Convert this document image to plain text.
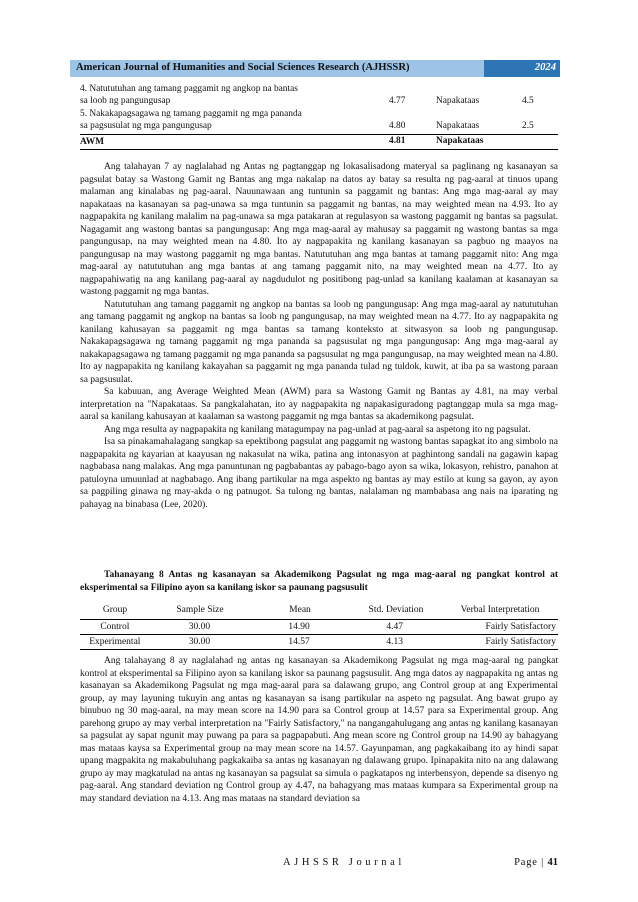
American Journal of Humanities and Social Sciences Research (AJHSSR)	2024
4. Natututuhan ang tamang paggamit ng angkop na bantas
sa loob ng pangungusap	4.77	Napakataas	4.5
5. Nakakapagsagawa ng tamang paggamit ng mga pananda
sa pagsusulat ng mga pangungusap	4.80	Napakataas	2.5
AWM	4.81	Napakataas

Ang talahayan 7 ay naglalahad ng Antas ng pagtanggap ng lokasalisadong materyal sa paglinang ng kasanayan sa pagsulat batay sa Wastong Gamit ng Bantas ang mga nakalap na datos ay batay sa resulta ng pag-aaral at tinuos upang malaman ang kinalabas ng pag-aaral. Nauunawaan ang tuntunin sa paggamit ng bantas: Ang mga mag-aaral ay may napakataas na kasanayan sa pag-unawa sa mga tuntunin sa paggamit ng bantas, na may weighted mean na 4.93. Ito ay nagpapakita ng kanilang malalim na pag-unawa sa mga patakaran at regulasyon sa wastong paggamit ng bantas sa pagsulat. Nagagamit ang wastong bantas sa pangungusap: Ang mga mag-aaral ay mahusay sa paggamit ng wastong bantas sa mga pangungusap, na may weighted mean na 4.80. Ito ay nagpapakita ng kanilang kasanayan sa pagbuo ng maayos na pangungusap na may wastong paggamit ng mga bantas. Natututuhan ang mga bantas at tamang paggamit nito: Ang mga mag-aaral ay natututuhan ang mga bantas at ang tamang paggamit nito, na may weighted mean na 4.77. Ito ay nagpapahiwatig na ang kanilang pag-aaral ay nagdudulot ng positibong pag-unlad sa kanilang kaalaman at kasanayan sa wastong paggamit ng mga bantas.

Natututuhan ang tamang paggamit ng angkop na bantas sa loob ng pangungusap: Ang mga mag-aaral ay natututuhan ang tamang paggamit ng angkop na bantas sa loob ng pangungusap, na may weighted mean na 4.77. Ito ay nagpapakita ng kanilang kahusayan sa paggamit ng mga bantas sa tamang konteksto at sitwasyon sa loob ng pangungusap. Nakakapagsagawa ng tamang paggamit ng mga pananda sa pagsusulat ng mga pangungusap: Ang mga mag-aaral ay nakakapagsagawa ng tamang paggamit ng mga pananda sa pagsusulat ng mga pangungusap, na may weighted mean na 4.80. Ito ay nagpapakita ng kanilang kakayahan sa paggamit ng mga pananda tulad ng tuldok, kuwit, at iba pa sa wastong paraan sa pagsusulat.

Sa kabuuan, ang Average Weighted Mean (AWM) para sa Wastong Gamit ng Bantas ay 4.81, na may verbal interpretation na "Napakataas. Sa pangkalahatan, ito ay nagpapakita ng napakasiguradong pagtanggap mula sa mga mag-aaral sa kanilang kahusayan at kaalaman sa wastong paggamit ng mga bantas sa akademikong pagsulat.

Ang mga resulta ay nagpapakita ng kanilang matagumpay na pag-unlad at pag-aaral sa aspetong ito ng pagsulat.

Isa sa pinakamahalagang sangkap sa epektibong pagsulat ang paggamit ng wastong bantas sapagkat ito ang simbolo na nagpapakita ng kayarian at kaayusan ng nakasulat na wika, patina ang intonasyon at paghintong sandali na gagawin kapag nagbabasa nang malakas. Ang mga panuntunan ng pagbabantas ay pabago-bago ayon sa wika, lokasyon, rehistro, panahon at patuloyna umuunlad at nagbabago. Ang ibang partikular na mga aspekto ng bantas ay may estilo at kung sa gayon, ay ayon sa pagpiling ginawa ng may-akda o ng patnugot. Sa tulong ng bantas, nalalaman ng mambabasa ang nais na iparating ng pahayag na binabasa (Lee, 2020).

Tahanayang 8 Antas ng kasanayan sa Akademikong Pagsulat ng mga mag-aaral ng pangkat kontrol at eksperimental sa Filipino ayon sa kanilang iskor sa paunang pagsusulit
Group	Sample Size	Mean	Std. Deviation	Verbal Interpretation
Control	30.00	14.90	4.47	Fairly Satisfactory
Experimental	30.00	14.57	4.13	Fairly Satisfactory

Ang talahayang 8 ay naglalahad ng antas ng kasanayan sa Akademikong Pagsulat ng mga mag-aaral ng pangkat kontrol at eksperimental sa Filipino ayon sa kanilang iskor sa paunang pagsusulit. Ang mga datos ay nagpapakita ng antas ng kasanayan sa Akademikong Pagsulat ng mga mag-aaral para sa dalawang grupo, ang Control group at ang Experimental group, ay may layuning tukuyin ang antas ng kasanayan sa isang partikular na aspeto ng pagsulat. Ang bawat grupo ay binubuo ng 30 mag-aaral, na may mean score na 14.90 para sa Control group at 14.57 para sa Experimental group. Ang parehong grupo ay may verbal interpretation na "Fairly Satisfactory," na nangangahulugang ang antas ng kanilang kasanayan sa pagsulat ay sapat ngunit may puwang pa para sa pagpapabuti. Ang mean score ng Control group na 14.90 ay bahagyang mas mataas kaysa sa Experimental group na may mean score na 14.57. Gayunpaman, ang pagkakaibang ito ay hindi sapat upang magpakita ng makabuluhang pagkakaiba sa antas ng kasanayan ng dalawang grupo. Ipinapakita nito na ang dalawang grupo ay may magkatulad na antas ng kasanayan sa pagsulat sa simula o pagkatapos ng interbensyon, depende sa disenyo ng pag-aaral. Ang standard deviation ng Control group ay 4.47, na bahagyang mas mataas kumpara sa Experimental group na may standard deviation na 4.13. Ang mas mataas na standard deviation sa

AJHSSR Journal	Page | 41
